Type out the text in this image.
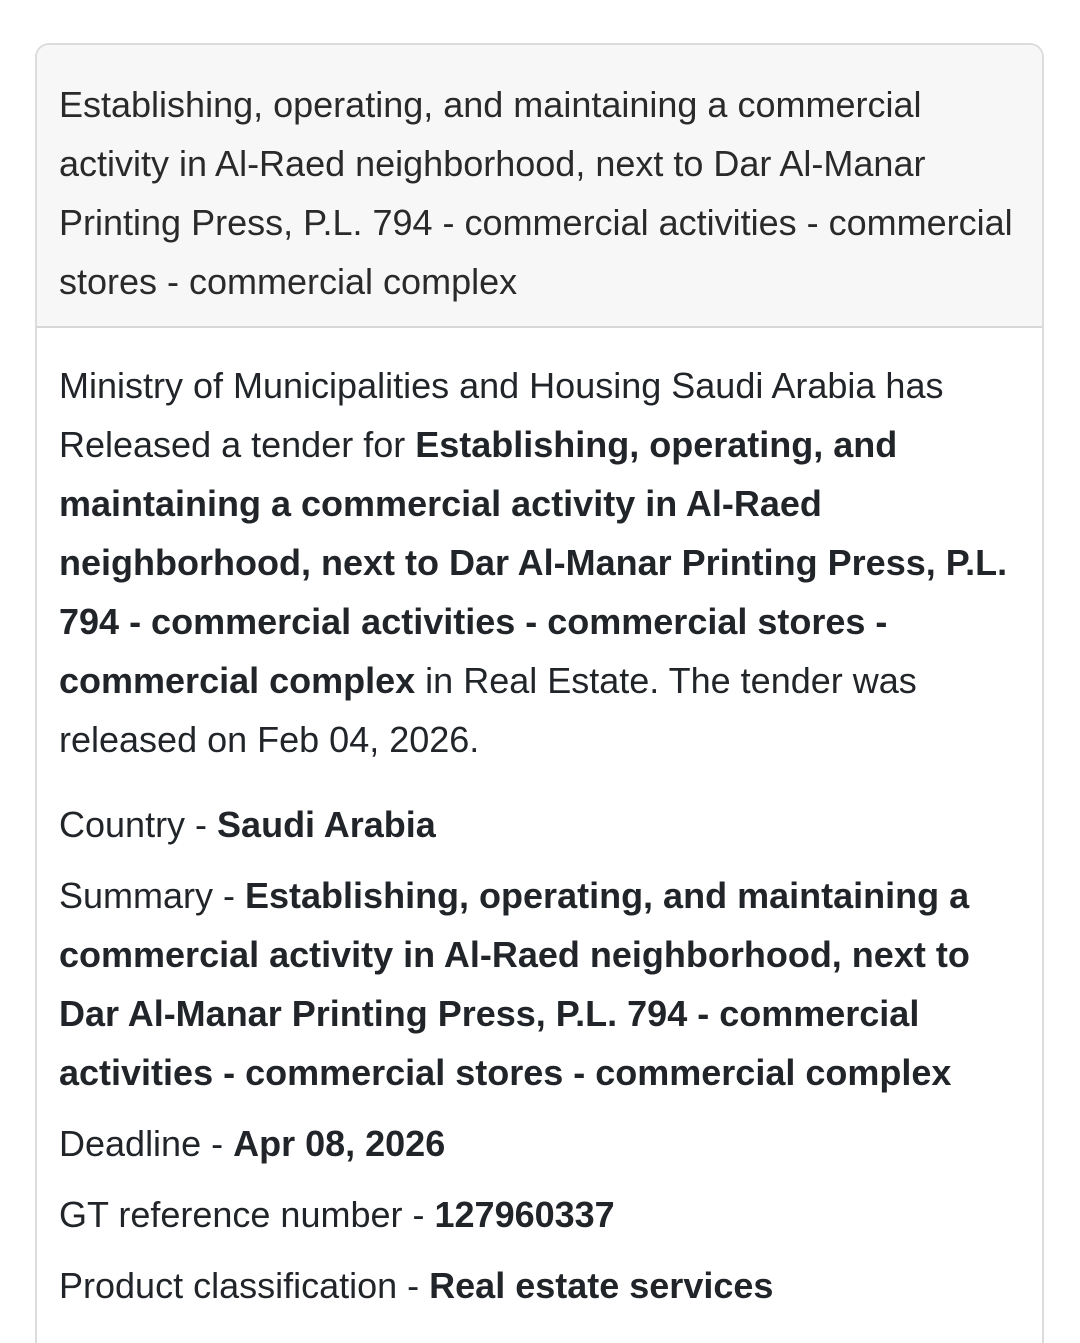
Establishing, operating, and maintaining a commercial activity in Al-Raed neighborhood, next to Dar Al-Manar Printing Press, P.L. 794 - commercial activities - commercial stores - commercial complex

Ministry of Municipalities and Housing Saudi Arabia has Released a tender for Establishing, operating, and maintaining a commercial activity in Al-Raed neighborhood, next to Dar Al-Manar Printing Press, P.L. 794 - commercial activities - commercial stores - commercial complex in Real Estate. The tender was released on Feb 04, 2026.

Country - Saudi Arabia

Summary - Establishing, operating, and maintaining a commercial activity in Al-Raed neighborhood, next to Dar Al-Manar Printing Press, P.L. 794 - commercial activities - commercial stores - commercial complex

Deadline - Apr 08, 2026

GT reference number - 127960337

Product classification - Real estate services
